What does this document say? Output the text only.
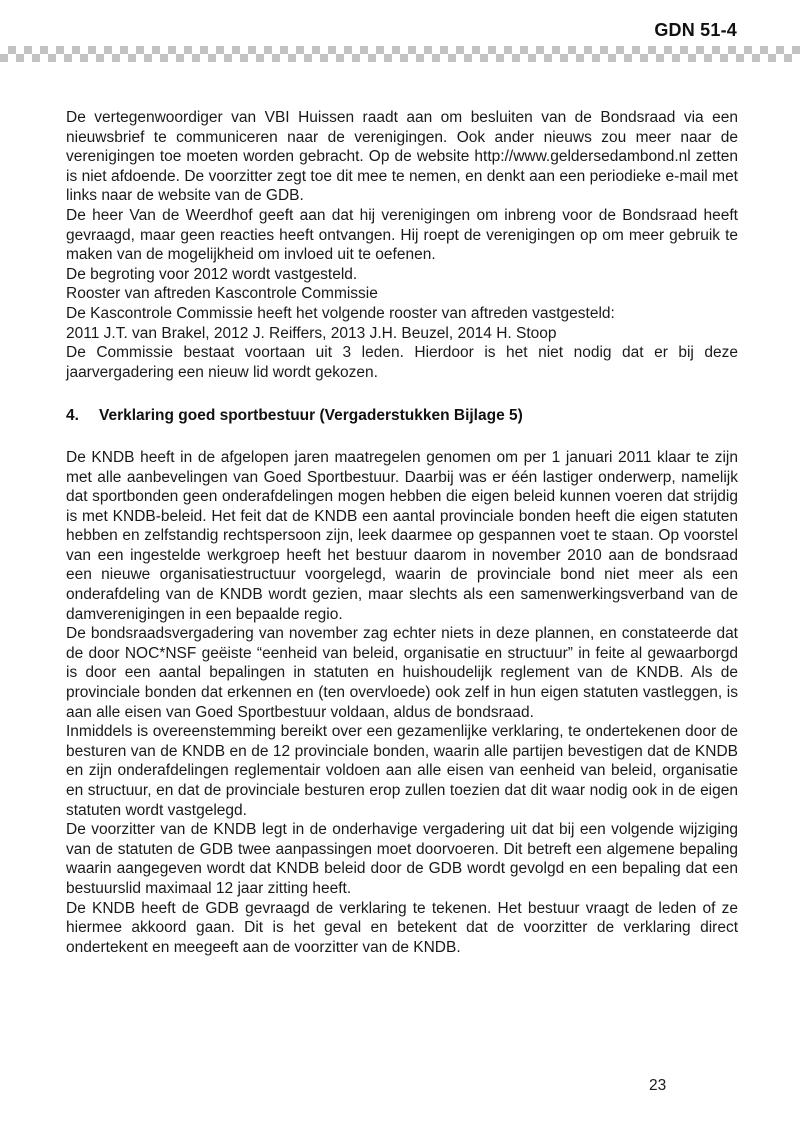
GDN 51-4

De vertegenwoordiger van VBI Huissen raadt aan om besluiten van de Bondsraad via een nieuwsbrief te communiceren naar de verenigingen. Ook ander nieuws zou meer naar de verenigingen toe moeten worden gebracht. Op de website http://www.geldersedambond.nl zetten is niet afdoende. De voorzitter zegt toe dit mee te nemen, en denkt aan een periodieke e-mail met links naar de website van de GDB.

De heer Van de Weerdhof geeft aan dat hij verenigingen om inbreng voor de Bondsraad heeft gevraagd, maar geen reacties heeft ontvangen. Hij roept de verenigingen op om meer gebruik te maken van de mogelijkheid om invloed uit te oefenen.

De begroting voor 2012 wordt vastgesteld.

Rooster van aftreden Kascontrole Commissie

De Kascontrole Commissie heeft het volgende rooster van aftreden vastgesteld:

2011 J.T. van Brakel, 2012 J. Reiffers, 2013 J.H. Beuzel, 2014 H. Stoop

De Commissie bestaat voortaan uit 3 leden. Hierdoor is het niet nodig dat er bij deze jaarvergadering een nieuw lid wordt gekozen.

4. Verklaring goed sportbestuur (Vergaderstukken Bijlage 5)

De KNDB heeft in de afgelopen jaren maatregelen genomen om per 1 januari 2011 klaar te zijn met alle aanbevelingen van Goed Sportbestuur. Daarbij was er één lastiger onderwerp, namelijk dat sportbonden geen onderafdelingen mogen hebben die eigen beleid kunnen voeren dat strijdig is met KNDB-beleid. Het feit dat de KNDB een aantal provinciale bonden heeft die eigen statuten hebben en zelfstandig rechtspersoon zijn, leek daarmee op gespannen voet te staan. Op voorstel van een ingestelde werkgroep heeft het bestuur daarom in november 2010 aan de bondsraad een nieuwe organisatiestructuur voorgelegd, waarin de provinciale bond niet meer als een onderafdeling van de KNDB wordt gezien, maar slechts als een samenwerkingsverband van de damverenigingen in een bepaalde regio.

De bondsraadsvergadering van november zag echter niets in deze plannen, en constateerde dat de door NOC*NSF geëiste “eenheid van beleid, organisatie en structuur” in feite al gewaarborgd is door een aantal bepalingen in statuten en huishoudelijk reglement van de KNDB. Als de provinciale bonden dat erkennen en (ten overvloede) ook zelf in hun eigen statuten vastleggen, is aan alle eisen van Goed Sportbestuur voldaan, aldus de bondsraad.

Inmiddels is overeenstemming bereikt over een gezamenlijke verklaring, te ondertekenen door de besturen van de KNDB en de 12 provinciale bonden, waarin alle partijen bevestigen dat de KNDB en zijn onderafdelingen reglementair voldoen aan alle eisen van eenheid van beleid, organisatie en structuur, en dat de provinciale besturen erop zullen toezien dat dit waar nodig ook in de eigen statuten wordt vastgelegd.

De voorzitter van de KNDB legt in de onderhavige vergadering uit dat bij een volgende wijziging van de statuten de GDB twee aanpassingen moet doorvoeren. Dit betreft een algemene bepaling waarin aangegeven wordt dat KNDB beleid door de GDB wordt gevolgd en een bepaling dat een bestuurslid maximaal 12 jaar zitting heeft.

De KNDB heeft de GDB gevraagd de verklaring te tekenen. Het bestuur vraagt de leden of ze hiermee akkoord gaan. Dit is het geval en betekent dat de voorzitter de verklaring direct ondertekent en meegeeft aan de voorzitter van de KNDB.

23
